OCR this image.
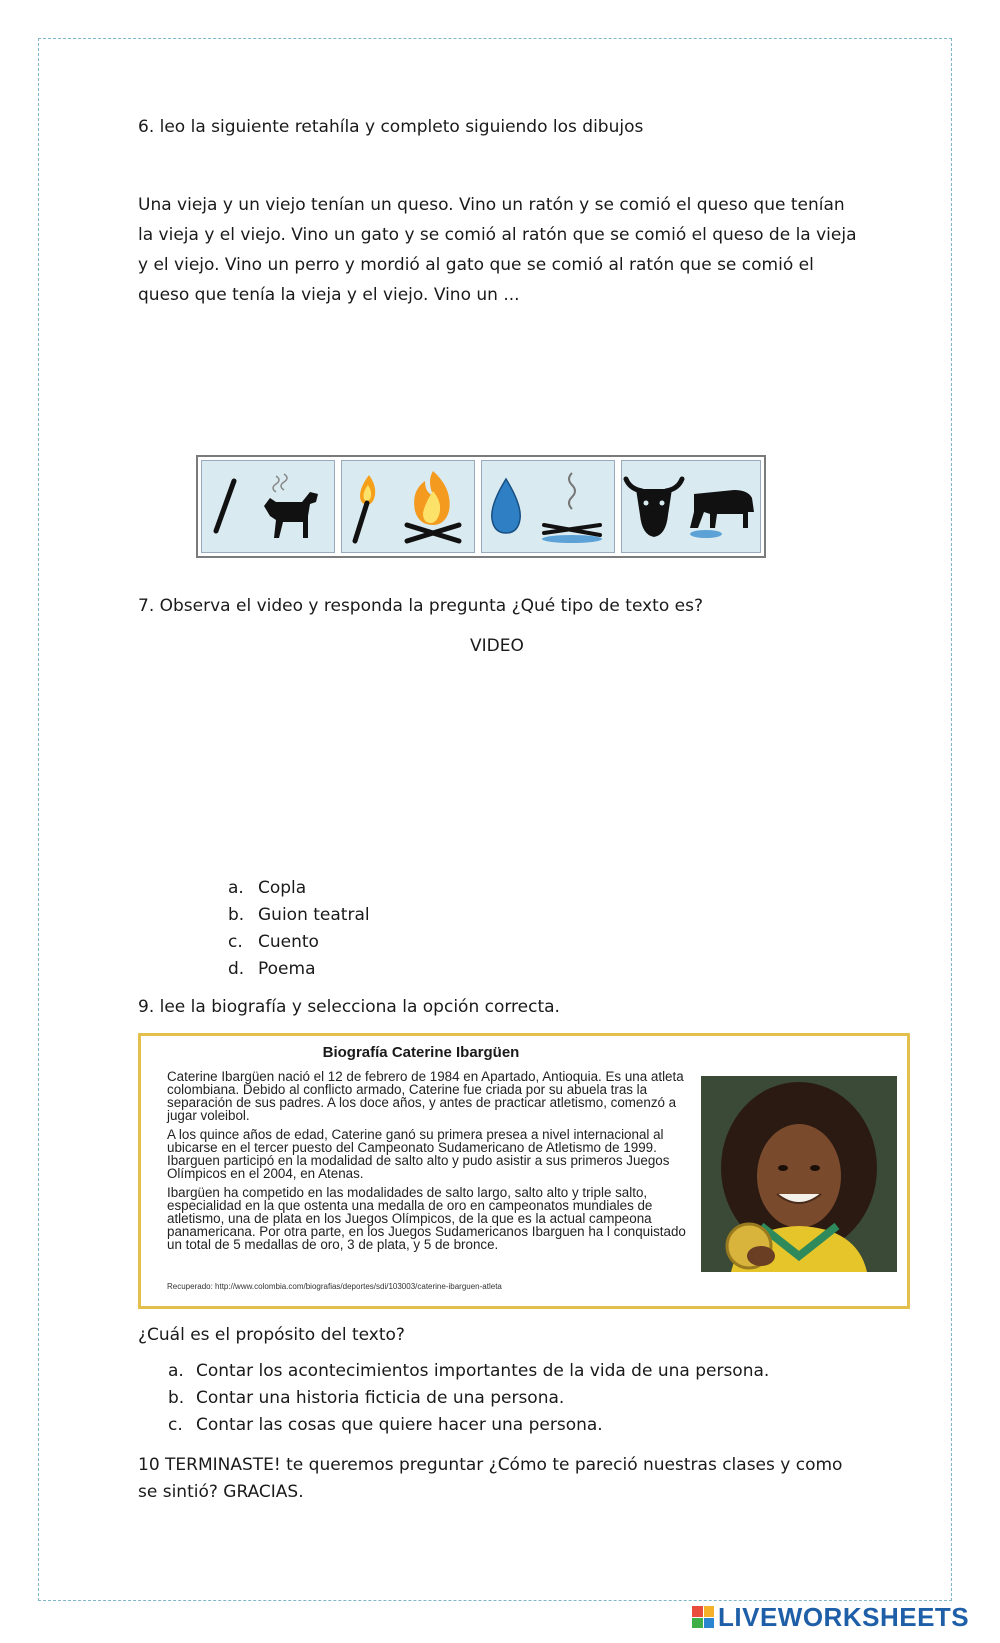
6. leo la siguiente retahíla y completo siguiendo los dibujos
Una vieja y un viejo tenían un queso. Vino un ratón y se comió el queso que tenían la vieja y el viejo. Vino un gato y se comió al ratón que se comió el queso de la vieja y el viejo. Vino un perro y mordió al gato que se comió al ratón que se comió el queso que tenía la vieja y el viejo. Vino un ...
7. Observa el video y responda la pregunta ¿Qué tipo de texto es?
VIDEO
a. Copla
b. Guion teatral
c. Cuento
d. Poema
9. lee la biografía y selecciona la opción correcta.
Biografía Caterine Ibargüen

Caterine Ibargüen nació el 12 de febrero de 1984 en Apartado, Antioquia. Es una atleta colombiana. Debido al conflicto armado, Caterine fue criada por su abuela tras la separación de sus padres. A los doce años, y antes de practicar atletismo, comenzó a jugar voleibol.

A los quince años de edad, Caterine ganó su primera presea a nivel internacional al ubicarse en el tercer puesto del Campeonato Sudamericano de Atletismo de 1999. Ibarguen participó en la modalidad de salto alto y pudo asistir a sus primeros Juegos Olímpicos en el 2004, en Atenas.

Ibargüen ha competido en las modalidades de salto largo, salto alto y triple salto, especialidad en la que ostenta una medalla de oro en campeonatos mundiales de atletismo, una de plata en los Juegos Olímpicos, de la que es la actual campeona panamericana. Por otra parte, en los Juegos Sudamericanos Ibarguen ha l conquistado un total de 5 medallas de oro, 3 de plata, y 5 de bronce.

Recuperado: http://www.colombia.com/biografias/deportes/sdi/103003/caterine-ibarguen-atleta
¿Cuál es el propósito del texto?
a. Contar los acontecimientos importantes de la vida de una persona.
b. Contar una historia ficticia de una persona.
c. Contar las cosas que quiere hacer una persona.
10 TERMINASTE! te queremos preguntar ¿Cómo te pareció nuestras clases y como se sintió? GRACIAS.
LIVEWORKSHEETS
